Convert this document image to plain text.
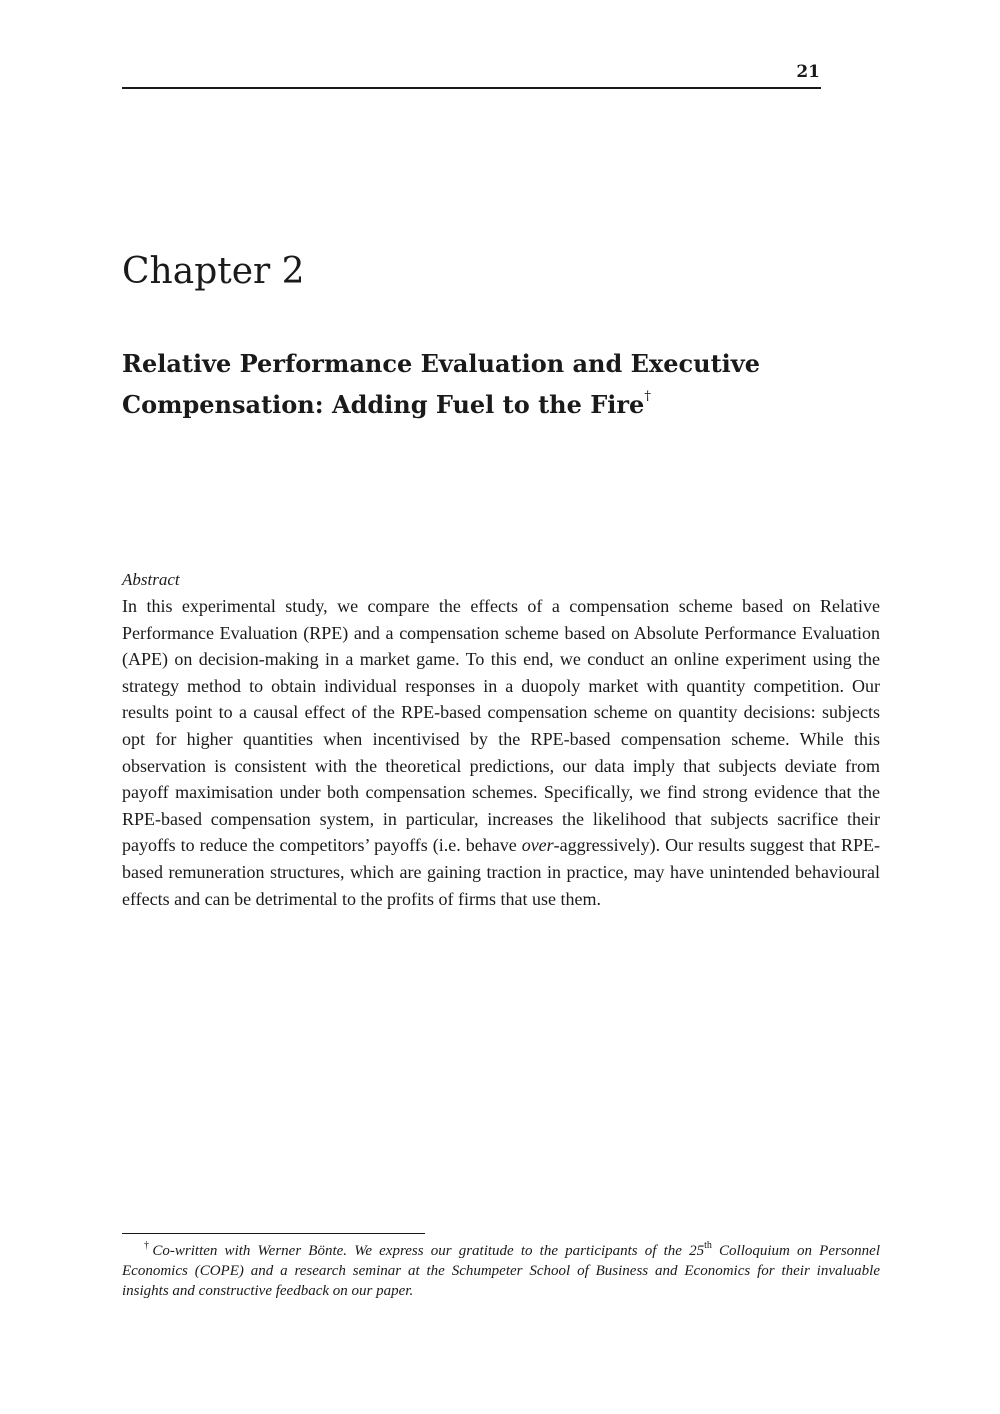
21
Chapter 2
Relative Performance Evaluation and Executive Compensation: Adding Fuel to the Fire†

Abstract

In this experimental study, we compare the effects of a compensation scheme based on Relative Performance Evaluation (RPE) and a compensation scheme based on Absolute Performance Evaluation (APE) on decision-making in a market game. To this end, we conduct an online experiment using the strategy method to obtain individual responses in a duopoly market with quantity competition. Our results point to a causal effect of the RPE-based compensation scheme on quantity decisions: subjects opt for higher quantities when incentivised by the RPE-based compensation scheme. While this observation is consistent with the theoretical predictions, our data imply that subjects deviate from payoff maximisation under both compensation schemes. Specifically, we find strong evidence that the RPE-based compensation system, in particular, increases the likelihood that subjects sacrifice their payoffs to reduce the competitors’ payoffs (i.e. behave over-aggressively). Our results suggest that RPE-based remuneration structures, which are gaining traction in practice, may have unintended behavioural effects and can be detrimental to the profits of firms that use them.

†Co-written with Werner Bönte. We express our gratitude to the participants of the 25th Colloquium on Personnel Economics (COPE) and a research seminar at the Schumpeter School of Business and Economics for their invaluable insights and constructive feedback on our paper.
